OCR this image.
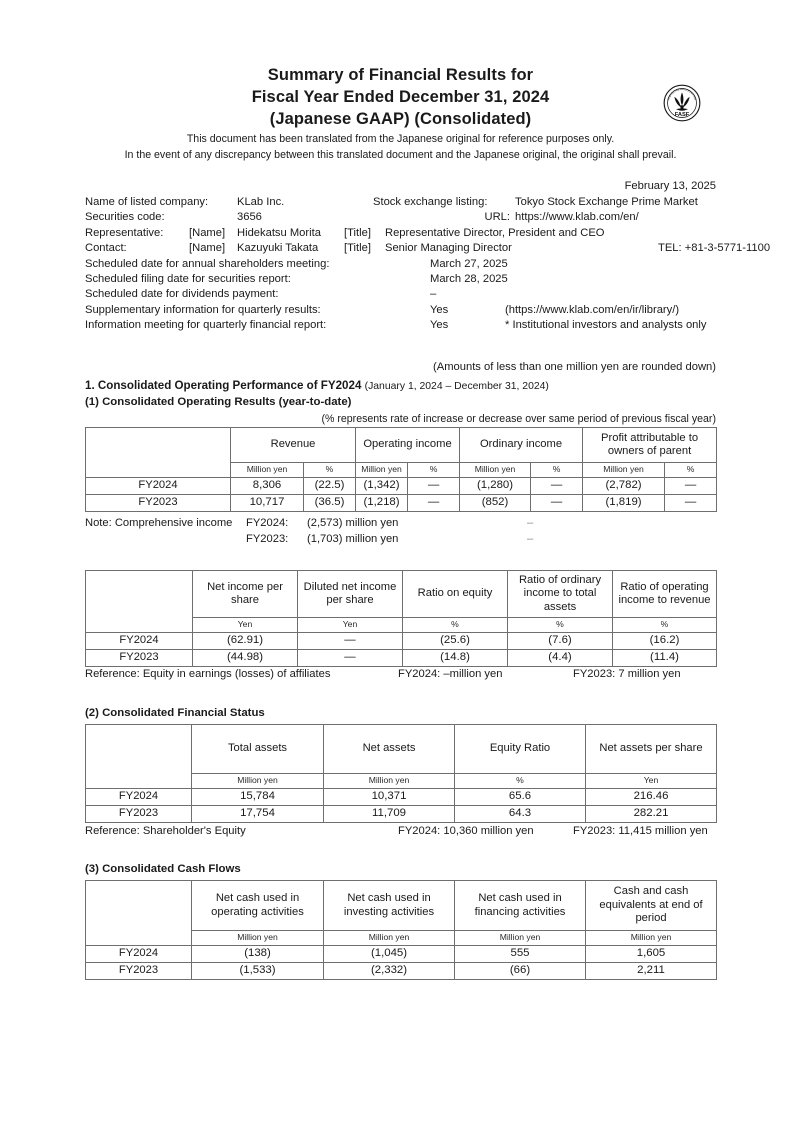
Summary of Financial Results for
Fiscal Year Ended December 31, 2024
(Japanese GAAP) (Consolidated)
This document has been translated from the Japanese original for reference purposes only.
In the event of any discrepancy between this translated document and the Japanese original, the original shall prevail.
FASF
FINANCIAL ACCOUNTING
February 13, 2025
Name of listed company:	KLab Inc.	Stock exchange listing: Tokyo Stock Exchange Prime Market
Securities code:	3656	URL: https://www.klab.com/en/
Representative: [Name] Hidekatsu Morita [Title] Representative Director, President and CEO
Contact:	[Name] Kazuyuki Takata [Title] Senior Managing Director	TEL: +81-3-5771-1100
Scheduled date for annual shareholders meeting:	March 27, 2025
Scheduled filing date for securities report:	March 28, 2025
Scheduled date for dividends payment:	–
Supplementary information for quarterly results:	Yes	(https://www.klab.com/en/ir/library/)
Information meeting for quarterly financial report:	Yes	* Institutional investors and analysts only
(Amounts of less than one million yen are rounded down)
1. Consolidated Operating Performance of FY2024 (January 1, 2024 – December 31, 2024)
(1) Consolidated Operating Results (year-to-date)
(% represents rate of increase or decrease over same period of previous fiscal year)
	Revenue		Operating income		Ordinary income		Profit attributable to owners of parent	
	Million yen	%	Million yen	%	Million yen	%	Million yen	%
FY2024	8,306	(22.5)	(1,342)	—	(1,280)	—	(2,782)	—
FY2023	10,717	(36.5)	(1,218)	—	(852)	—	(1,819)	—
Note: Comprehensive income FY2024: (2,573) million yen	–
FY2023: (1,703) million yen	–
	Net income per share	Diluted net income per share	Ratio on equity	Ratio of ordinary income to total assets	Ratio of operating income to revenue
	Yen	Yen	%	%	%
FY2024	(62.91)	—	(25.6)	(7.6)	(16.2)
FY2023	(44.98)	—	(14.8)	(4.4)	(11.4)
Reference: Equity in earnings (losses) of affiliates	FY2024: –million yen	FY2023: 7 million yen
(2) Consolidated Financial Status
	Total assets	Net assets	Equity Ratio	Net assets per share
	Million yen	Million yen	%	Yen
FY2024	15,784	10,371	65.6	216.46
FY2023	17,754	11,709	64.3	282.21
Reference: Shareholder's Equity	FY2024: 10,360 million yen	FY2023: 11,415 million yen
(3) Consolidated Cash Flows
	Net cash used in operating activities	Net cash used in investing activities	Net cash used in financing activities	Cash and cash equivalents at end of period
	Million yen	Million yen	Million yen	Million yen
FY2024	(138)	(1,045)	555	1,605
FY2023	(1,533)	(2,332)	(66)	2,211
